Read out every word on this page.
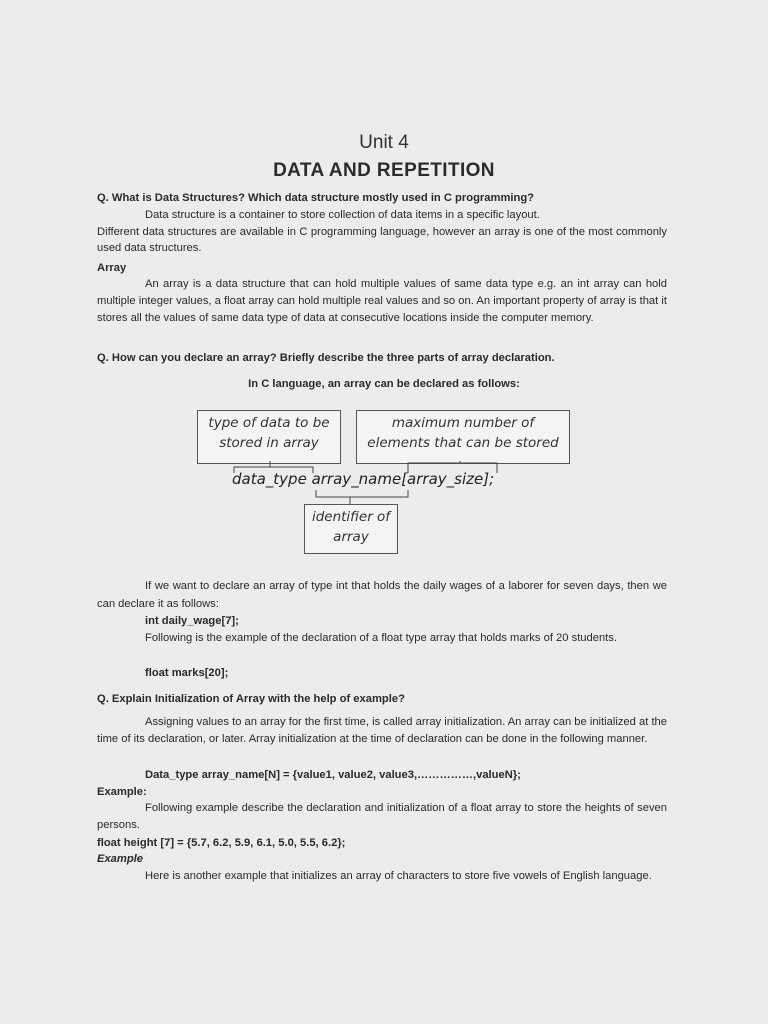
Unit 4
DATA AND REPETITION
Q. What is Data Structures? Which data structure mostly used in C programming?
Data structure is a container to store collection of data items in a specific layout.
Different data structures are available in C programming language, however an array is one of the most commonly used data structures.
Array
An array is a data structure that can hold multiple values of same data type e.g. an int array can hold multiple integer values, a float array can hold multiple real values and so on. An important property of array is that it stores all the values of same data type of data at consecutive locations inside the computer memory.
Q. How can you declare an array? Briefly describe the three parts of array declaration.
In C language, an array can be declared as follows:
type of data to be
stored in array
maximum number of
elements that can be stored
data_type array_name[array_size];
identifier of
array
If we want to declare an array of type int that holds the daily wages of a laborer for seven days, then we can declare it as follows:
int daily_wage[7];
Following is the example of the declaration of a float type array that holds marks of 20 students.
float marks[20];
Q. Explain Initialization of Array with the help of example?
Assigning values to an array for the first time, is called array initialization. An array can be initialized at the time of its declaration, or later. Array initialization at the time of declaration can be done in the following manner.
Data_type array_name[N] = {value1, value2, value3,……………,valueN};
Example:
Following example describe the declaration and initialization of a float array to store the heights of seven persons.
float height [7] = {5.7, 6.2, 5.9, 6.1, 5.0, 5.5, 6.2};
Example
Here is another example that initializes an array of characters to store five vowels of English language.
